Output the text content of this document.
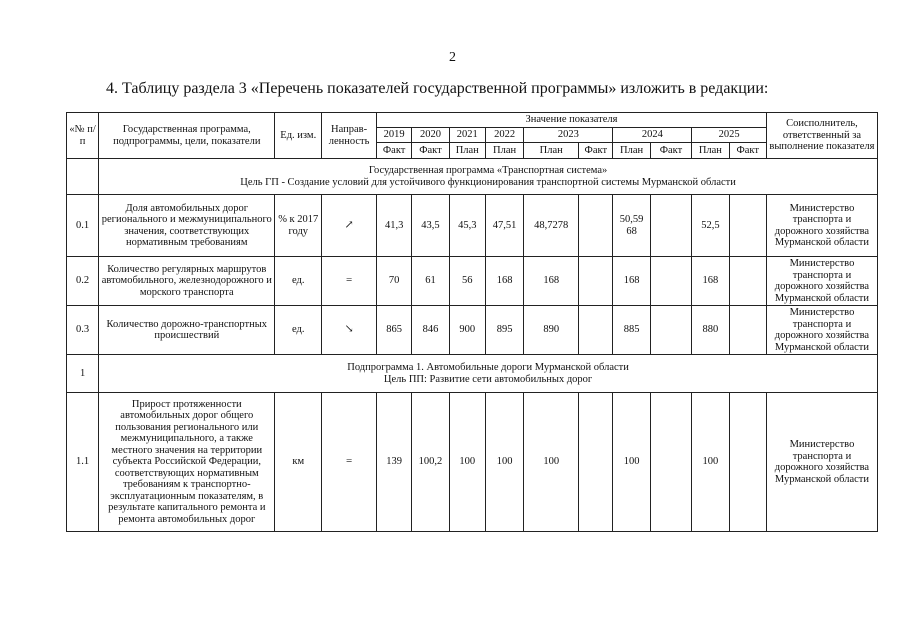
2
4. Таблицу раздела 3 «Перечень показателей государственной программы» изложить в редакции:
«№ п/п	Государственная программа, подпрограммы, цели, показатели	Ед. изм.	Направ-ленность	Значение показателя										Соисполнитель, ответственный за выполнение показателя
				2019	2020	2021	2022	2023		2024		2025		
				Факт	Факт	План	План	План	Факт	План	Факт	План	Факт	

	Государственная программа «Транспортная система»
Цель ГП - Создание условий для устойчивого функционирования транспортной системы Мурманской области													

0.1	Доля автомобильных дорог регионального и межмуниципального значения, соответствующих нормативным требованиям	% к 2017 году	↗	41,3	43,5	45,3	47,51	48,7278		50,59 68		52,5		Министерство транспорта и дорожного хозяйства Мурманской области
0.2	Количество регулярных маршрутов автомобильного, железнодорожного и морского транспорта	ед.	=	70	61	56	168	168		168		168		Министерство транспорта и дорожного хозяйства Мурманской области
0.3	Количество дорожно-транспортных происшествий	ед.	↘	865	846	900	895	890		885		880		Министерство транспорта и дорожного хозяйства Мурманской области
1	Подпрограмма 1. Автомобильные дороги Мурманской области
Цель ПП: Развитие сети автомобильных дорог													

1.1	Прирост протяженности автомобильных дорог общего пользования регионального или межмуниципального, а также местного значения на территории субъекта Российской Федерации, соответствующих нормативным требованиям к транспортно-эксплуатационным показателям, в результате капитального ремонта и ремонта автомобильных дорог	км	=	139	100,2	100	100	100		100		100		Министерство транспорта и дорожного хозяйства Мурманской области
